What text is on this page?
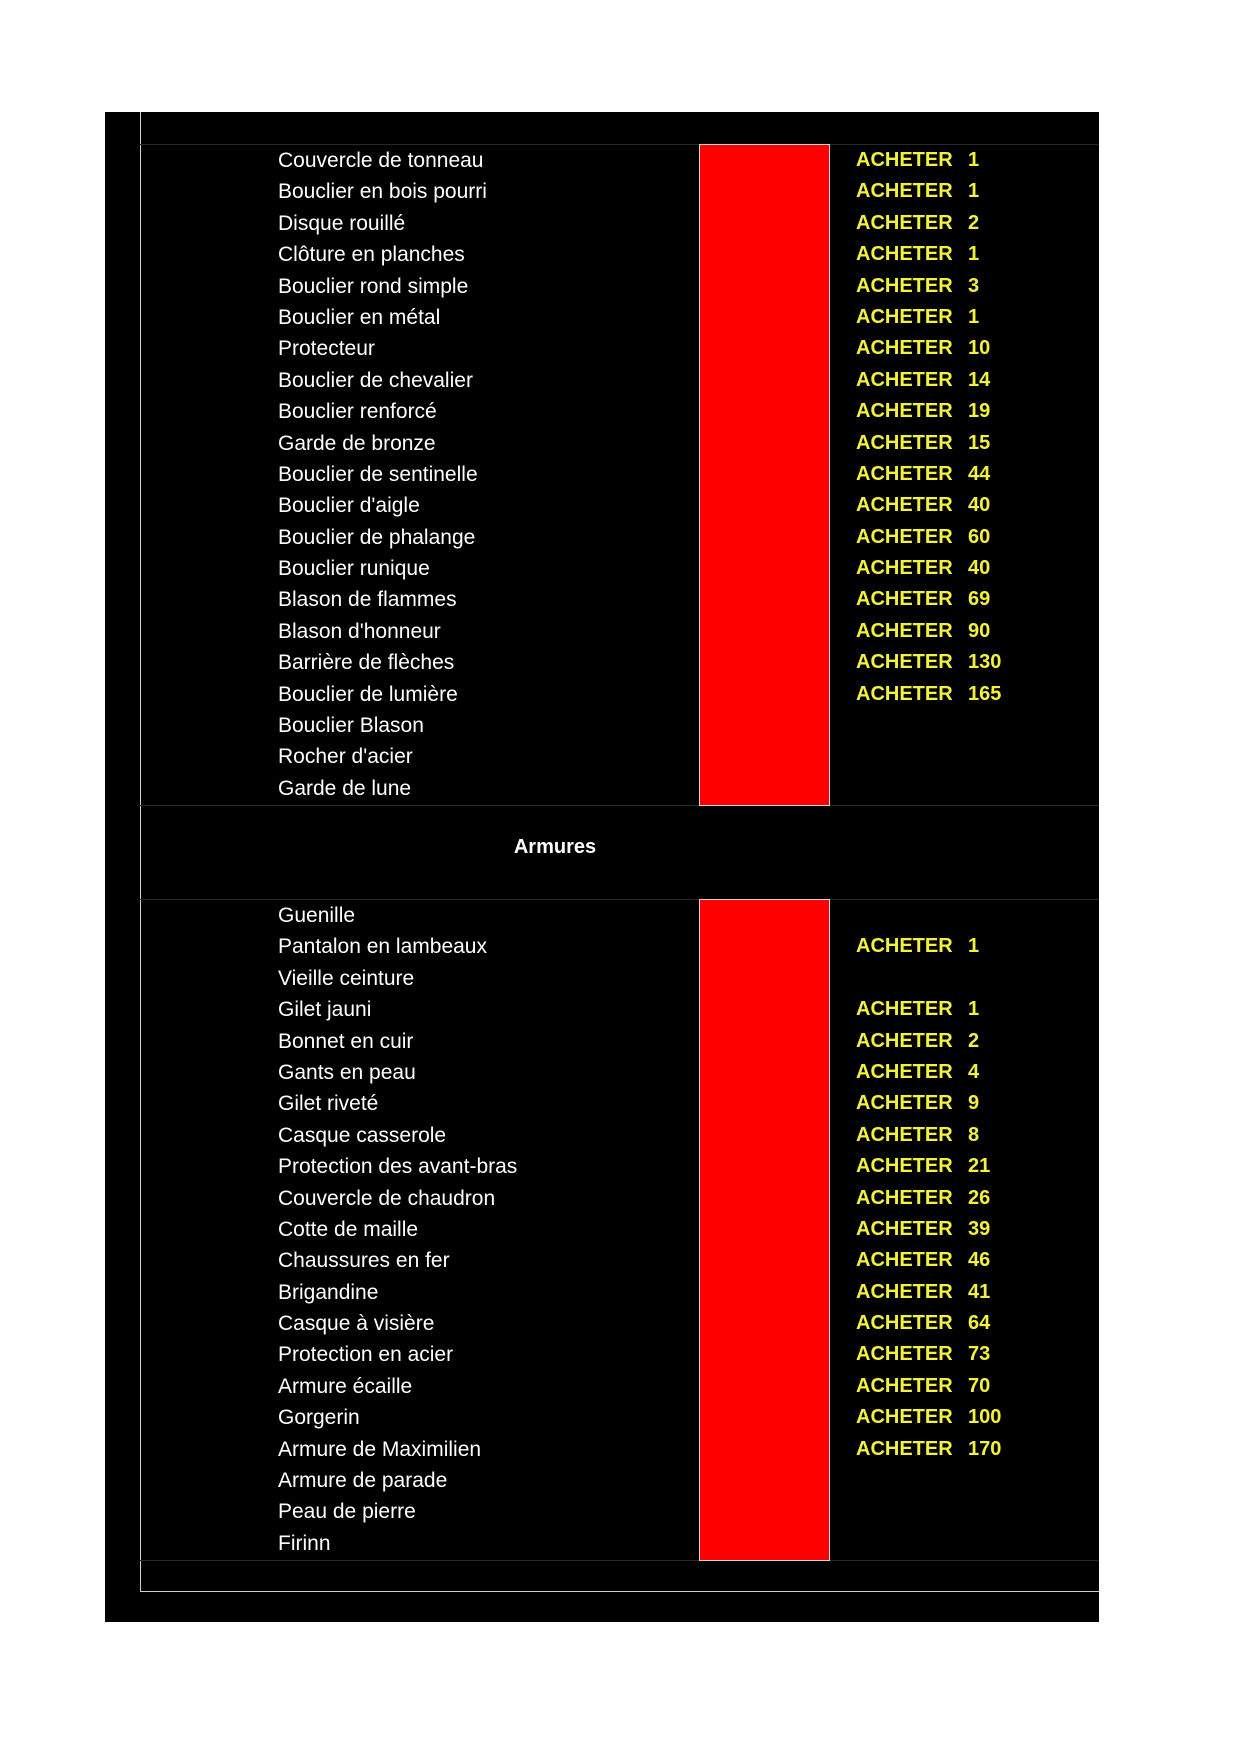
Couvercle de tonneau	ACHETER 1
Bouclier en bois pourri	ACHETER 1
Disque rouillé	ACHETER 2
Clôture en planches	ACHETER 1
Bouclier rond simple	ACHETER 3
Bouclier en métal	ACHETER 1
Protecteur	ACHETER 10
Bouclier de chevalier	ACHETER 14
Bouclier renforcé	ACHETER 19
Garde de bronze	ACHETER 15
Bouclier de sentinelle	ACHETER 44
Bouclier d'aigle	ACHETER 40
Bouclier de phalange	ACHETER 60
Bouclier runique	ACHETER 40
Blason de flammes	ACHETER 69
Blason d'honneur	ACHETER 90
Barrière de flèches	ACHETER 130
Bouclier de lumière	ACHETER 165
Bouclier Blason
Rocher d'acier
Garde de lune
Armures
Guenille
Pantalon en lambeaux	ACHETER 1
Vieille ceinture
Gilet jauni	ACHETER 1
Bonnet en cuir	ACHETER 2
Gants en peau	ACHETER 4
Gilet riveté	ACHETER 9
Casque casserole	ACHETER 8
Protection des avant-bras	ACHETER 21
Couvercle de chaudron	ACHETER 26
Cotte de maille	ACHETER 39
Chaussures en fer	ACHETER 46
Brigandine	ACHETER 41
Casque à visière	ACHETER 64
Protection en acier	ACHETER 73
Armure écaille	ACHETER 70
Gorgerin	ACHETER 100
Armure de Maximilien	ACHETER 170
Armure de parade
Peau de pierre
Firinn
